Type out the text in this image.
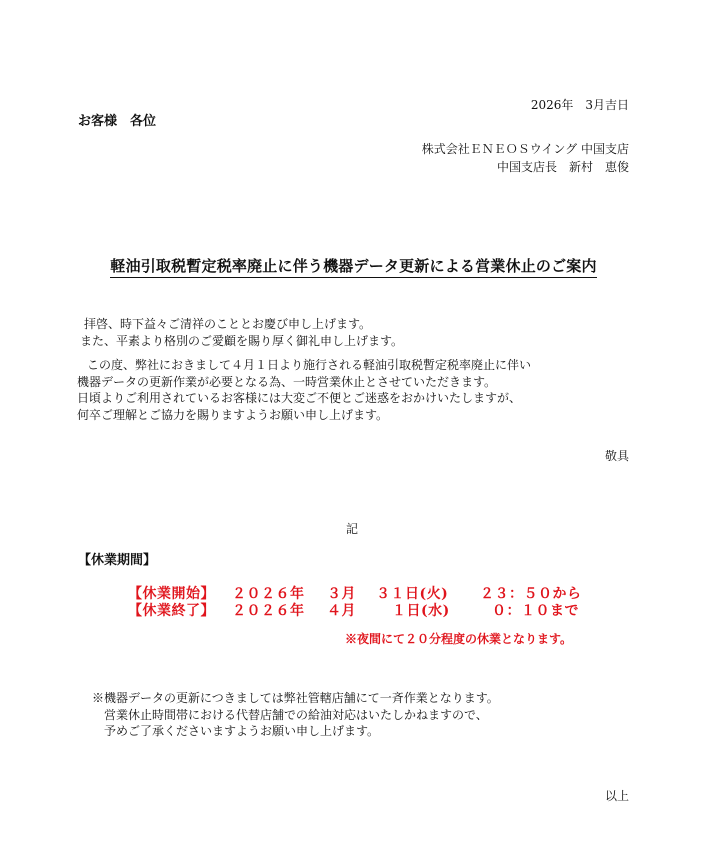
2026年　3月吉日
お客様　各位
株式会社ＥＮＥＯＳウイング 中国支店
中国支店長　新村　恵俊
軽油引取税暫定税率廃止に伴う機器データ更新による営業休止のご案内
拝啓、時下益々ご清祥のこととお慶び申し上げます。
また、平素より格別のご愛顧を賜り厚く御礼申し上げます。
この度、弊社におきまして４月１日より施行される軽油引取税暫定税率廃止に伴い
機器データの更新作業が必要となる為、一時営業休止とさせていただきます。
日頃よりご利用されているお客様には大変ご不便とご迷惑をおかけいたしますが、
何卒ご理解とご協力を賜りますようお願い申し上げます。
敬具
記
【休業期間】
【休業開始】 ２０２６年 ３月 ３１日(火) ２３：５０から
【休業終了】 ２０２６年 ４月	１日(水)	０：１０まで
※夜間にて２０分程度の休業となります。
※機器データの更新につきましては弊社管轄店舗にて一斉作業となります。
営業休止時間帯における代替店舗での給油対応はいたしかねますので、
予めご了承くださいますようお願い申し上げます。
以上
